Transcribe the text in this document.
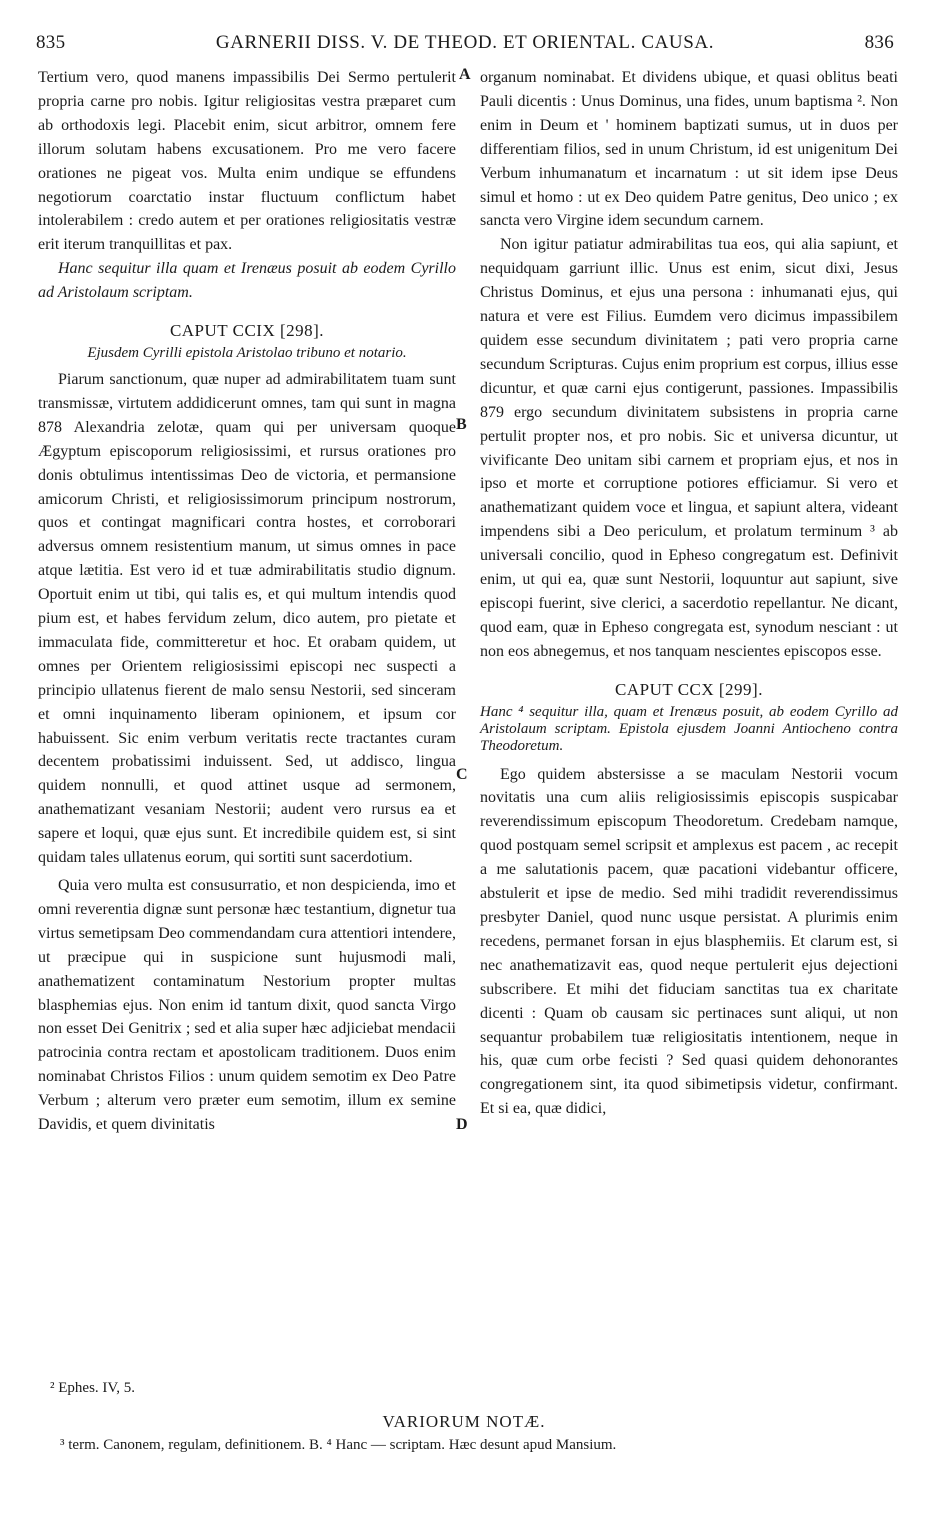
835	GARNERII DISS. V. DE THEOD. ET ORIENTAL. CAUSA.	836
A
B
C
D

Tertium vero, quod manens impassibilis Dei Sermo pertulerit propria carne pro nobis. Igitur religiositas vestra præparet cum ab orthodoxis legi. Placebit enim, sicut arbitror, omnem fere illorum solutam habens excusationem. Pro me vero facere orationes ne pigeat vos. Multa enim undique se effundens negotiorum coarctatio instar fluctuum conflictum habet intolerabilem : credo autem et per orationes religiositatis vestræ erit iterum tranquillitas et pax.

Hanc sequitur illa quam et Irenæus posuit ab eodem Cyrillo ad Aristolaum scriptam.

CAPUT CCIX [298].
Ejusdem Cyrilli epistola Aristolao tribuno et notario.

Piarum sanctionum, quæ nuper ad admirabilitatem tuam sunt transmissæ, virtutem addidicerunt omnes, tam qui sunt in magna 878 Alexandria zelotæ, quam qui per universam quoque Ægyptum episcoporum religiosissimi, et rursus orationes pro donis obtulimus intentissimas Deo de victoria, et permansione amicorum Christi, et religiosissimorum principum nostrorum, quos et contingat magnificari contra hostes, et corroborari adversus omnem resistentium manum, ut simus omnes in pace atque lætitia. Est vero id et tuæ admirabilitatis studio dignum. Oportuit enim ut tibi, qui talis es, et qui multum intendis quod pium est, et habes fervidum zelum, dico autem, pro pietate et immaculata fide, committeretur et hoc. Et orabam quidem, ut omnes per Orientem religiosissimi episcopi nec suspecti a principio ullatenus fierent de malo sensu Nestorii, sed sinceram et omni inquinamento liberam opinionem, et ipsum cor habuissent. Sic enim verbum veritatis recte tractantes curam decentem probatissimi induissent. Sed, ut addisco, lingua quidem nonnulli, et quod attinet usque ad sermonem, anathematizant vesaniam Nestorii; audent vero rursus ea et sapere et loqui, quæ ejus sunt. Et incredibile quidem est, si sint quidam tales ullatenus eorum, qui sortiti sunt sacerdotium.

Quia vero multa est consusurratio, et non despicienda, imo et omni reverentia dignæ sunt personæ hæc testantium, dignetur tua virtus semetipsam Deo commendandam cura attentiori intendere, ut præcipue qui in suspicione sunt hujusmodi mali, anathematizent contaminatum Nestorium propter multas blasphemias ejus. Non enim id tantum dixit, quod sancta Virgo non esset Dei Genitrix ; sed et alia super hæc adjiciebat mendacii patrocinia contra rectam et apostolicam traditionem. Duos enim nominabat Christos Filios : unum quidem semotim ex Deo Patre Verbum ; alterum vero præter eum semotim, illum ex semine Davidis, et quem divinitatis

organum nominabat. Et dividens ubique, et quasi oblitus beati Pauli dicentis : Unus Dominus, una fides, unum baptisma ². Non enim in Deum et ' hominem baptizati sumus, ut in duos per differentiam filios, sed in unum Christum, id est unigenitum Dei Verbum inhumanatum et incarnatum : ut sit idem ipse Deus simul et homo : ut ex Deo quidem Patre genitus, Deo unico ; ex sancta vero Virgine idem secundum carnem.

Non igitur patiatur admirabilitas tua eos, qui alia sapiunt, et nequidquam garriunt illic. Unus est enim, sicut dixi, Jesus Christus Dominus, et ejus una persona : inhumanati ejus, qui natura et vere est Filius. Eumdem vero dicimus impassibilem quidem esse secundum divinitatem ; pati vero propria carne secundum Scripturas. Cujus enim proprium est corpus, illius esse dicuntur, et quæ carni ejus contigerunt, passiones. Impassibilis 879 ergo secundum divinitatem subsistens in propria carne pertulit propter nos, et pro nobis. Sic et universa dicuntur, ut vivificante Deo unitam sibi carnem et propriam ejus, et nos in ipso et morte et corruptione potiores efficiamur. Si vero et anathematizant quidem voce et lingua, et sapiunt altera, videant impendens sibi a Deo periculum, et prolatum terminum ³ ab universali concilio, quod in Epheso congregatum est. Definivit enim, ut qui ea, quæ sunt Nestorii, loquuntur aut sapiunt, sive episcopi fuerint, sive clerici, a sacerdotio repellantur. Ne dicant, quod eam, quæ in Epheso congregata est, synodum nesciant : ut non eos abnegemus, et nos tanquam nescientes episcopos esse.

CAPUT CCX [299].
Hanc ⁴ sequitur illa, quam et Irenæus posuit, ab eodem Cyrillo ad Aristolaum scriptam. Epistola ejusdem Joanni Antiocheno contra Theodoretum.

Ego quidem abstersisse a se maculam Nestorii vocum novitatis una cum aliis religiosissimis episcopis suspicabar reverendissimum episcopum Theodoretum. Credebam namque, quod postquam semel scripsit et amplexus est pacem , ac recepit a me salutationis pacem, quæ pacationi videbantur officere, abstulerit et ipse de medio. Sed mihi tradidit reverendissimus presbyter Daniel, quod nunc usque persistat. A plurimis enim recedens, permanet forsan in ejus blasphemiis. Et clarum est, si nec anathematizavit eas, quod neque pertulerit ejus dejectioni subscribere. Et mihi det fiduciam sanctitas tua ex charitate dicenti : Quam ob causam sic pertinaces sunt aliqui, ut non sequantur probabilem tuæ religiositatis intentionem, neque in his, quæ cum orbe fecisti ? Sed quasi quidem dehonorantes congregationem sint, ita quod sibimetipsis videtur, confirmant. Et si ea, quæ didici,

² Ephes. IV, 5.
VARIORUM NOTÆ.
³ term. Canonem, regulam, definitionem. B. ⁴ Hanc — scriptam. Hæc desunt apud Mansium.
